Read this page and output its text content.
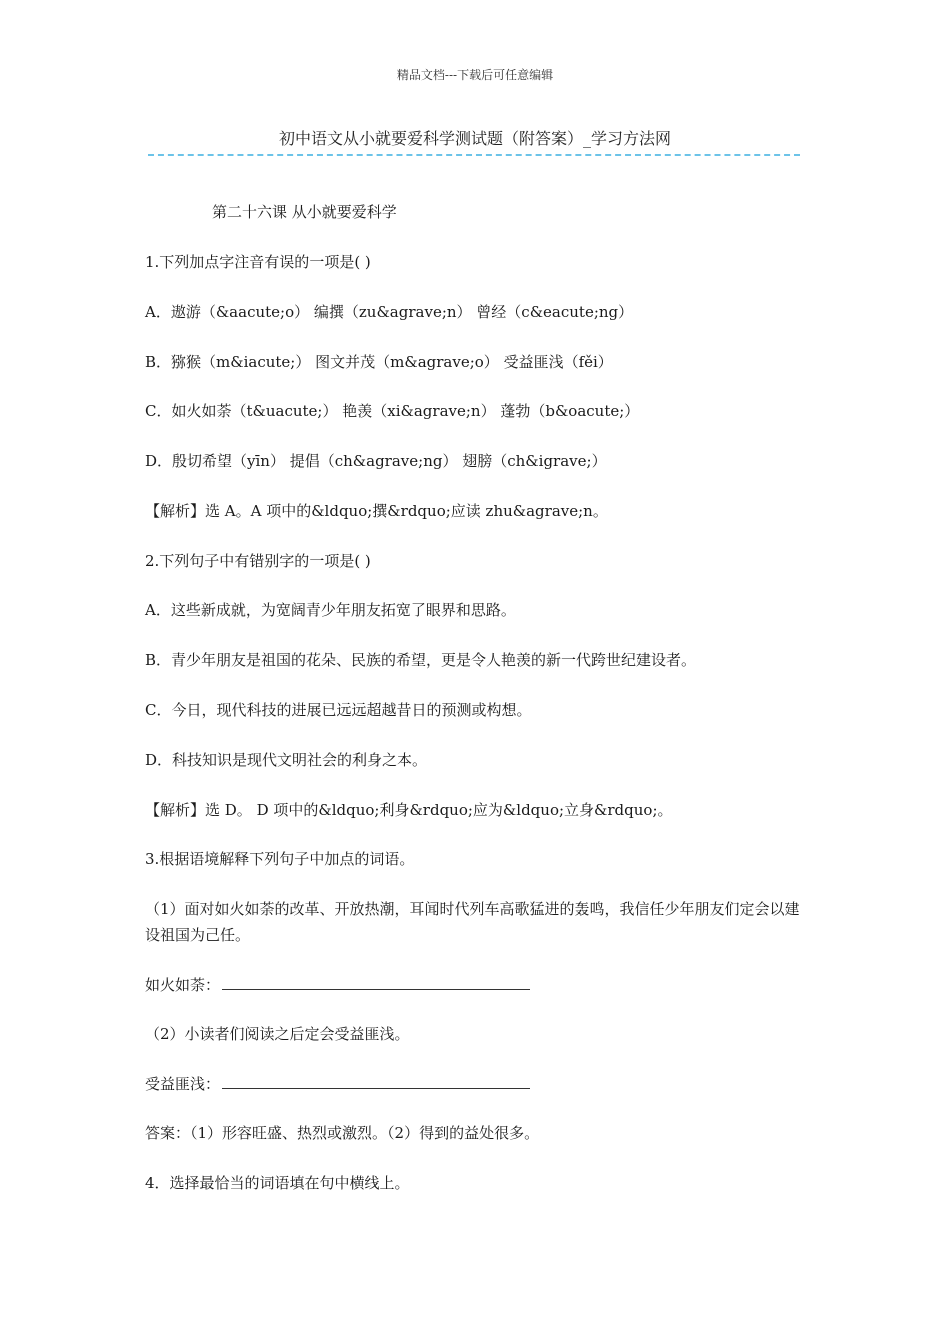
精品文档---下载后可任意编辑
初中语文从小就要爱科学测试题（附答案）_学习方法网
第二十六课 从小就要爱科学
1.下列加点字注音有误的一项是( )
A．遨游（&aacute;o） 编撰（zu&agrave;n） 曾经（c&eacute;ng）
B．猕猴（m&iacute;） 图文并茂（m&agrave;o） 受益匪浅（fěi）
C．如火如荼（t&uacute;） 艳羡（xi&agrave;n） 蓬勃（b&oacute;）
D．殷切希望（yīn） 提倡（ch&agrave;ng） 翅膀（ch&igrave;）
【解析】选 A。A 项中的&ldquo;撰&rdquo;应读 zhu&agrave;n。
2.下列句子中有错别字的一项是( )
A．这些新成就，为宽阔青少年朋友拓宽了眼界和思路。
B．青少年朋友是祖国的花朵、民族的希望，更是令人艳羡的新一代跨世纪建设者。
C．今日，现代科技的进展已远远超越昔日的预测或构想。
D．科技知识是现代文明社会的利身之本。
【解析】选 D。 D 项中的&ldquo;利身&rdquo;应为&ldquo;立身&rdquo;。
3.根据语境解释下列句子中加点的词语。
（1）面对如火如荼的改革、开放热潮，耳闻时代列车高歌猛进的轰鸣，我信任少年朋友们定会以建设祖国为己任。
如火如荼：
（2）小读者们阅读之后定会受益匪浅。
受益匪浅：
答案：（1）形容旺盛、热烈或激烈。（2）得到的益处很多。
4．选择最恰当的词语填在句中横线上。
